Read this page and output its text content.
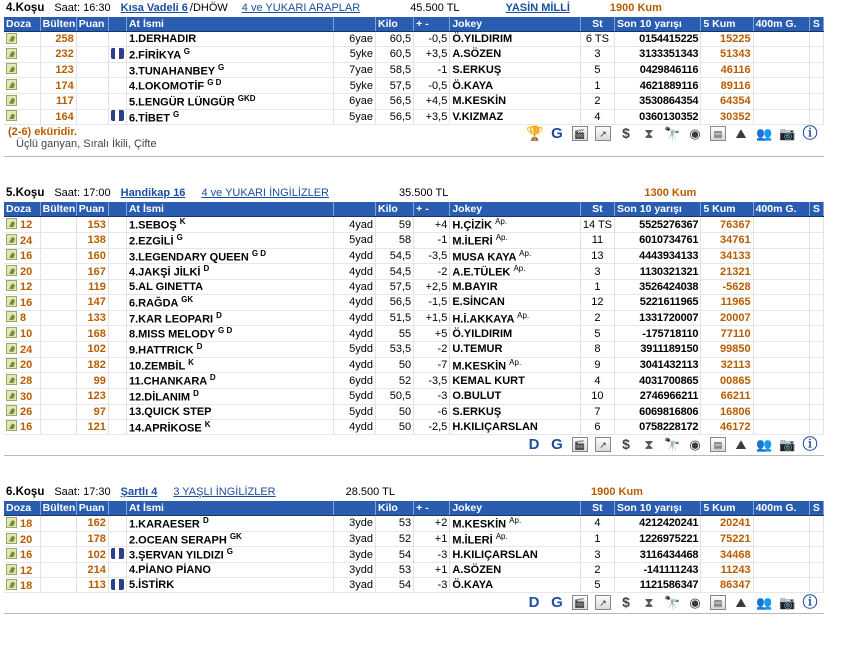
4.Koşu Saat: 16:30 Kısa Vadeli 6 /DHÖW 4 ve YUKARI ARAPLAR	45.500 TL	YASİN MİLLİ	1900 Kum
Doza	Bülten	Puan		At İsmi		Kilo	+ -	Jokey	St	Son 10 yarışı	5 Kum	400m G.	S
	258			1.DERHADIR	6yae	60,5	-0,5	Ö.YILDIRIM	6 TS	0154415225	15225		
	232			2.FİRİKYA $^G$	5yke	60,5	+3,5	A.SÖZEN	3	3133351343	51343		
	123			3.TUNAHANBEY $^G$	7yae	58,5	-1	S.ERKUŞ	5	0429846116	46116		
	174			4.LOKOMOTİF $^{G D}$	5yke	57,5	-0,5	Ö.KAYA	1	4621889116	89116		
	117			5.LENGÜR LÜNGÜR $^{GKD}$	6yae	56,5	+4,5	M.KESKİN	2	3530864354	64354		
	164			6.TİBET $^G$	5yae	56,5	+3,5	V.KIZMAZ	4	0360130352	30352		
(2-6) eküridir.
Üçlü ganyan, Sıralı İkili, Çifte
🏆 G 🎬	↗	$	⧗ 🔭 ◉	▤ ⛰ 👥 📷 ⓘ
5.Koşu Saat: 17:00 Handikap 16 4 ve YUKARI İNGİLİZLER	35.500 TL	1300 Kum
Doza	Bülten	Puan		At İsmi		Kilo	+ -	Jokey	St	Son 10 yarışı	5 Kum	400m G.	S
12		153		1.SEBOŞ $^K$	4yad	59	+4	H.ÇİZİK $^{Ap.}$	14 TS	5525276367	76367		
24		138		2.EZGİLİ $^G$	5yad	58	-1	M.İLERİ $^{Ap.}$	11	6010734761	34761		
16		160		3.LEGENDARY QUEEN $^{G D}$	4ydd	54,5	-3,5	MUSA KAYA $^{Ap.}$	13	4443934133	34133		
20		167		4.JAKŞİ JİLKİ $^D$	4ydd	54,5	-2	A.E.TÜLEK $^{Ap.}$	3	1130321321	21321		
12		119		5.AL GINETTA	4yad	57,5	+2,5	M.BAYIR	1	3526424038	-5628		
16		147		6.RAĞDA $^{GK}$	4ydd	56,5	-1,5	E.SİNCAN	12	5221611965	11965		
8		133		7.KAR LEOPARI $^D$	4ydd	51,5	+1,5	H.İ.AKKAYA $^{Ap.}$	2	1331720007	20007		
10		168		8.MISS MELODY $^{G D}$	4ydd	55	+5	Ö.YILDIRIM	5	-175718110	77110		
24		102		9.HATTRICK $^D$	5ydd	53,5	-2	U.TEMUR	8	3911189150	99850		
20		182		10.ZEMBİL $^K$	4ydd	50	-7	M.KESKİN $^{Ap.}$	9	3041432113	32113		
28		99		11.CHANKARA $^D$	6ydd	52	-3,5	KEMAL KURT	4	4031700865	00865		
30		123		12.DİLANIM $^D$	5ydd	50,5	-3	O.BULUT	10	2746966211	66211		
26		97		13.QUICK STEP	5ydd	50	-6	S.ERKUŞ	7	6069816806	16806		
16		121		14.APRİKOSE $^K$	4ydd	50	-2,5	H.KILIÇARSLAN	6	0758228172	46172		
D G 🎬	↗	$	⧗ 🔭 ◉	▤ ⛰ 👥 📷 ⓘ
6.Koşu Saat: 17:30 Şartlı 4 3 YAŞLI İNGİLİZLER	28.500 TL	1900 Kum
Doza	Bülten	Puan		At İsmi		Kilo	+ -	Jokey	St	Son 10 yarışı	5 Kum	400m G.	S
18		162		1.KARAESER $^D$	3yde	53	+2	M.KESKİN $^{Ap.}$	4	4212420241	20241		
20		178		2.OCEAN SERAPH $^{GK}$	3yad	52	+1	M.İLERİ $^{Ap.}$	1	1226975221	75221		
16		102		3.ŞERVAN YILDIZI $^G$	3yde	54	-3	H.KILIÇARSLAN	3	3116434468	34468		
12		214		4.PİANO PİANO	3ydd	53	+1	A.SÖZEN	2	-141111243	11243		
18		113		5.İSTİRK	3yad	54	-3	Ö.KAYA	5	1121586347	86347		
D G 🎬	↗	$	⧗ 🔭 ◉	▤ ⛰ 👥 📷 ⓘ
